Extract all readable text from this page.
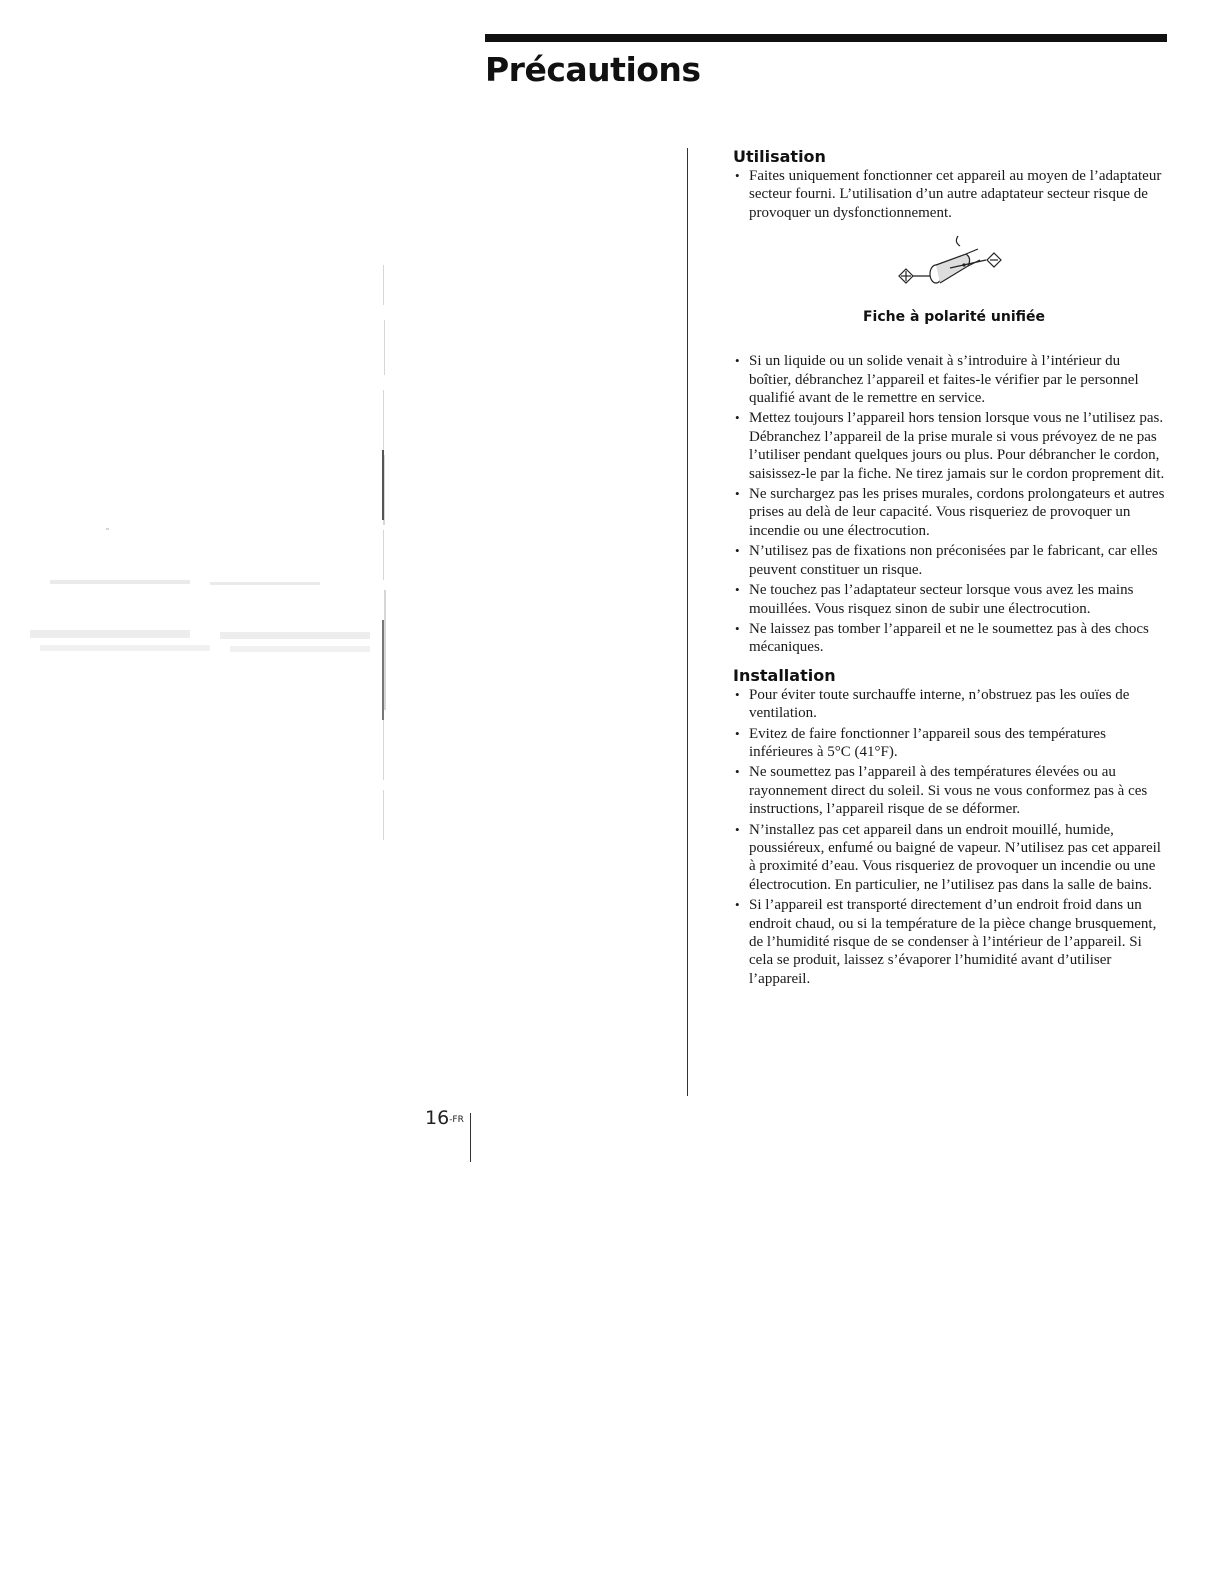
Précautions
Utilisation
• Faites uniquement fonctionner cet appareil au moyen de l’adaptateur secteur fourni. L’utilisation d’un autre adaptateur secteur risque de provoquer un dysfonctionnement.
Fiche à polarité unifiée
• Si un liquide ou un solide venait à s’introduire à l’intérieur du boîtier, débranchez l’appareil et faites-le vérifier par le personnel qualifié avant de le remettre en service.
• Mettez toujours l’appareil hors tension lorsque vous ne l’utilisez pas.
Débranchez l’appareil de la prise murale si vous prévoyez de ne pas l’utiliser pendant quelques jours ou plus. Pour débrancher le cordon, saisissez-le par la fiche. Ne tirez jamais sur le cordon proprement dit.
• Ne surchargez pas les prises murales, cordons prolongateurs et autres prises au delà de leur capacité. Vous risqueriez de provoquer un incendie ou une électrocution.
• N’utilisez pas de fixations non préconisées par le fabricant, car elles peuvent constituer un risque.
• Ne touchez pas l’adaptateur secteur lorsque vous avez les mains mouillées. Vous risquez sinon de subir une électrocution.
• Ne laissez pas tomber l’appareil et ne le soumettez pas à des chocs mécaniques.
Installation
• Pour éviter toute surchauffe interne, n’obstruez pas les ouïes de ventilation.
• Evitez de faire fonctionner l’appareil sous des températures inférieures à 5°C (41°F).
• Ne soumettez pas l’appareil à des températures élevées ou au rayonnement direct du soleil. Si vous ne vous conformez pas à ces instructions, l’appareil risque de se déformer.
• N’installez pas cet appareil dans un endroit mouillé, humide, poussiéreux, enfumé ou baigné de vapeur. N’utilisez pas cet appareil à proximité d’eau. Vous risqueriez de provoquer un incendie ou une électrocution. En particulier, ne l’utilisez pas dans la salle de bains.
• Si l’appareil est transporté directement d’un endroit froid dans un endroit chaud, ou si la température de la pièce change brusquement, de l’humidité risque de se condenser à l’intérieur de l’appareil. Si cela se produit, laissez s’évaporer l’humidité avant d’utiliser l’appareil.
$16^{-FR}$
